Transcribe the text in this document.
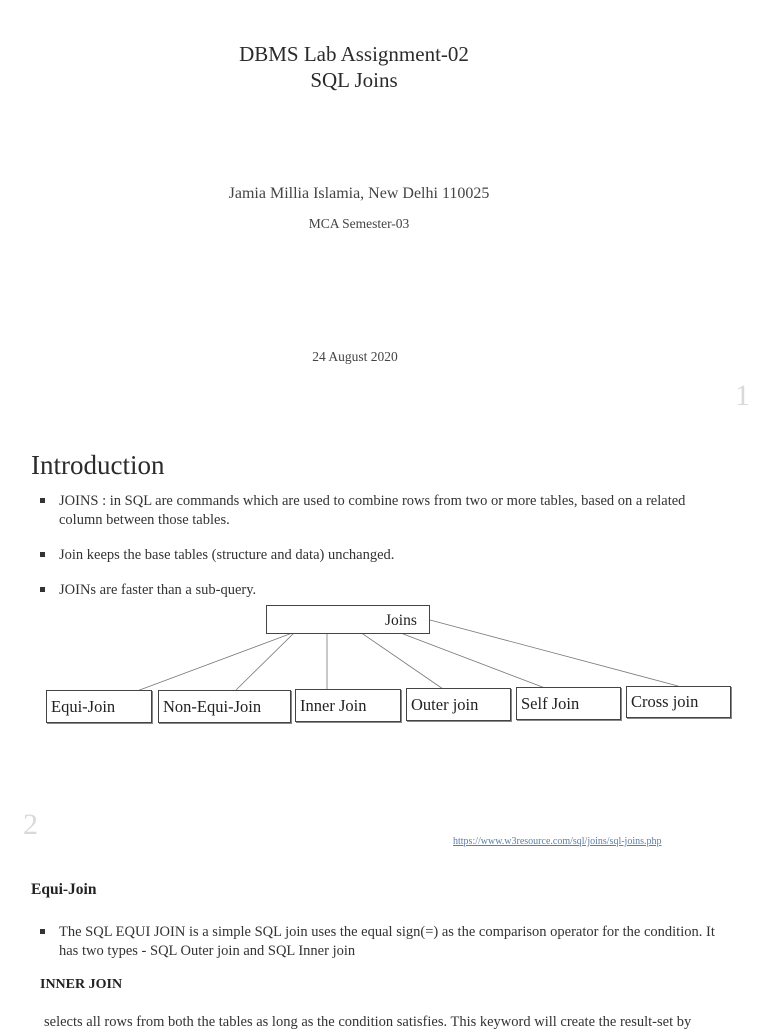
DBMS Lab Assignment-02
SQL Joins
Jamia Millia Islamia, New Delhi 110025
MCA Semester-03
24 August 2020
1
Introduction
JOINS : in SQL are commands which are used to combine rows from two or more tables, based on a related column between those tables.
Join keeps the base tables (structure and data) unchanged.
JOINs are faster than a sub-query.
Joins
Equi-Join	Non-Equi-Join	Inner Join	Outer join	Self Join	Cross join
2
https://www.w3resource.com/sql/joins/sql-joins.php
Equi-Join
The SQL EQUI JOIN is a simple SQL join uses the equal sign(=) as the comparison operator for the condition. It has two types - SQL Outer join and SQL Inner join
INNER JOIN
selects all rows from both the tables as long as the condition satisfies. This keyword will create the result-set by
